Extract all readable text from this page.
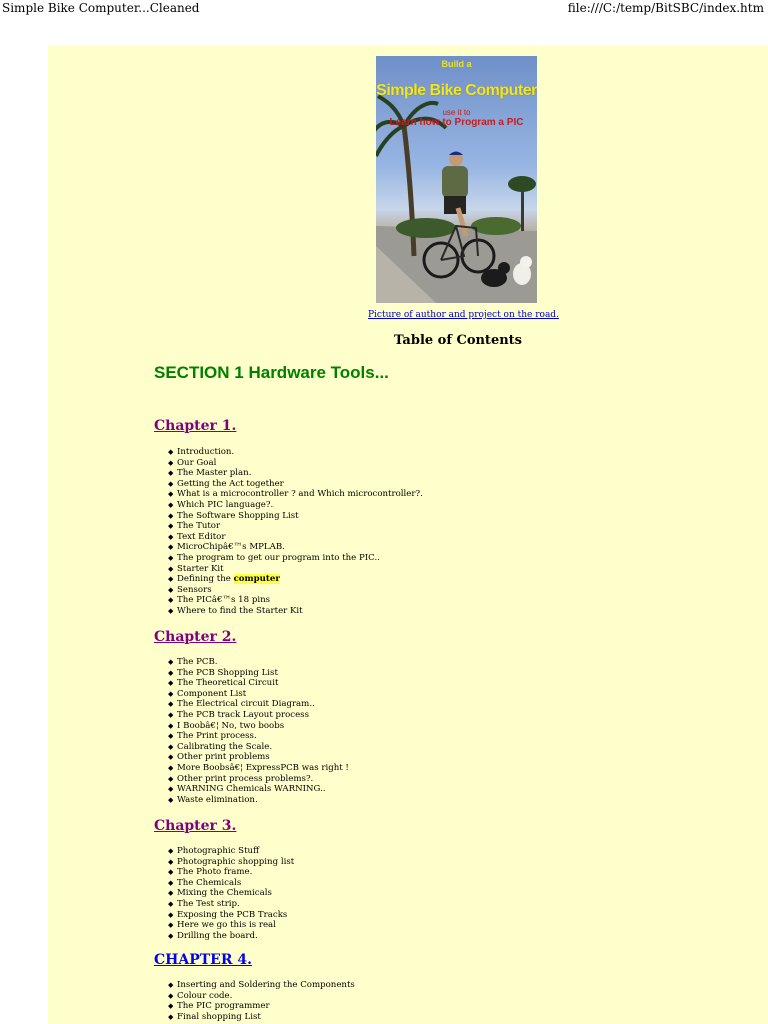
Simple Bike Computer...Cleaned	file:///C:/temp/BitSBC/index.htm
Build a
Simple Bike Computer
use it to
Learn how to Program a PIC
Picture of author and project on the road.
Table of Contents
SECTION 1 Hardware Tools...
Chapter 1.
◆ Introduction.
◆ Our Goal
◆ The Master plan.
◆ Getting the Act together
◆ What is a microcontroller ? and Which microcontroller?.
◆ Which PIC language?.
◆ The Software Shopping List
◆ The Tutor
◆ Text Editor
◆ MicroChipâ€™s MPLAB.
◆ The program to get our program into the PIC..
◆ Starter Kit
◆ Defining the computer
◆ Sensors
◆ The PICâ€™s 18 pins
◆ Where to find the Starter Kit
Chapter 2.
◆ The PCB.
◆ The PCB Shopping List
◆ The Theoretical Circuit
◆ Component List
◆ The Electrical circuit Diagram..
◆ The PCB track Layout process
◆ I Boobâ€¦ No, two boobs
◆ The Print process.
◆ Calibrating the Scale.
◆ Other print problems
◆ More Boobsâ€¦ ExpressPCB was right !
◆ Other print process problems?.
◆ WARNING Chemicals WARNING..
◆ Waste elimination.
Chapter 3.
◆ Photographic Stuff
◆ Photographic shopping list
◆ The Photo frame.
◆ The Chemicals
◆ Mixing the Chemicals
◆ The Test strip.
◆ Exposing the PCB Tracks
◆ Here we go this is real
◆ Drilling the board.
CHAPTER 4.
◆ Inserting and Soldering the Components
◆ Colour code.
◆ The PIC programmer
◆ Final shopping List
